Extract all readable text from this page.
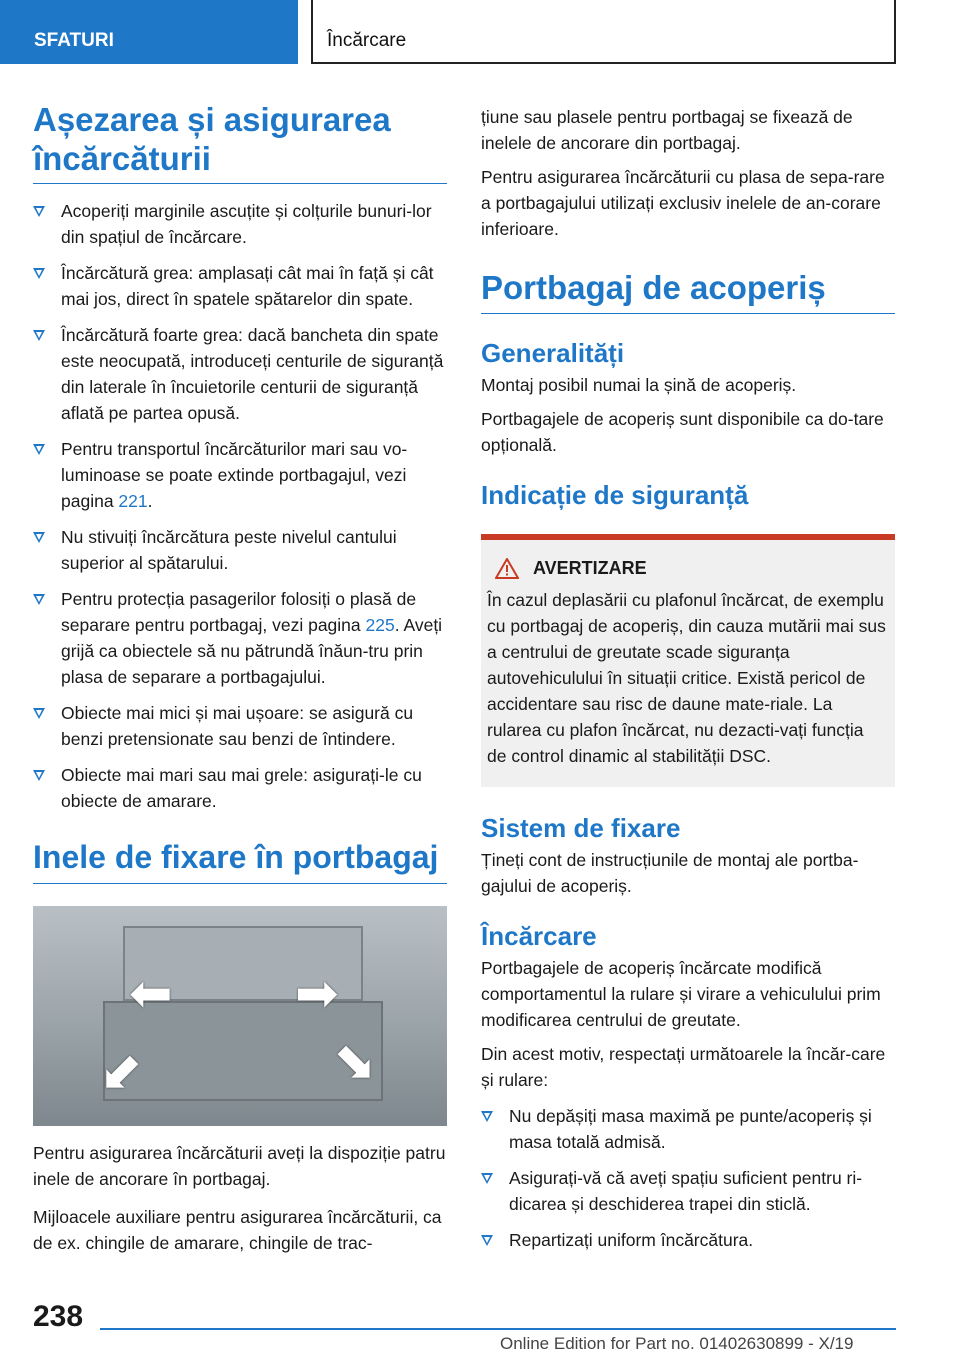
SFATURI	Încărcare
Așezarea și asigurarea încărcăturii
Acoperiți marginile ascuțite și colțurile bunuri-lor din spațiul de încărcare.
Încărcătură grea: amplasați cât mai în față și cât mai jos, direct în spatele spătarelor din spate.
Încărcătură foarte grea: dacă bancheta din spate este neocupată, introduceți centurile de siguranță din laterale în încuietorile centurii de siguranță aflată pe partea opusă.
Pentru transportul încărcăturilor mari sau vo-luminoase se poate extinde portbagajul, vezi pagina 221.
Nu stivuiți încărcătura peste nivelul cantului superior al spătarului.
Pentru protecția pasagerilor folosiți o plasă de separare pentru portbagaj, vezi pagina 225. Aveți grijă ca obiectele să nu pătrundă înăun-tru prin plasa de separare a portbagajului.
Obiecte mai mici și mai ușoare: se asigură cu benzi pretensionate sau benzi de întindere.
Obiecte mai mari sau mai grele: asigurați-le cu obiecte de amarare.
Inele de fixare în portbagaj
⬅ ➡
⬋	⬊

Pentru asigurarea încărcăturii aveți la dispoziție patru inele de ancorare în portbagaj.

Mijloacele auxiliare pentru asigurarea încărcăturii, ca de ex. chingile de amarare, chingile de trac-

țiune sau plasele pentru portbagaj se fixează de inelele de ancorare din portbagaj.

Pentru asigurarea încărcăturii cu plasa de sepa-rare a portbagajului utilizați exclusiv inelele de an-corare inferioare.

Portbagaj de acoperiș
Generalități

Montaj posibil numai la șină de acoperiș.

Portbagajele de acoperiș sunt disponibile ca do-tare opțională.

Indicație de siguranță
AVERTIZARE

În cazul deplasării cu plafonul încărcat, de exemplu cu portbagaj de acoperiș, din cauza mutării mai sus a centrului de greutate scade siguranța autovehiculului în situații critice. Există pericol de accidentare sau risc de daune mate-riale. La rularea cu plafon încărcat, nu dezacti-vați funcția de control dinamic al stabilității DSC.

Sistem de fixare

Țineți cont de instrucțiunile de montaj ale portba-gajului de acoperiș.

Încărcare

Portbagajele de acoperiș încărcate modifică comportamentul la rulare și virare a vehiculului prim modificarea centrului de greutate.

Din acest motiv, respectați următoarele la încăr-care și rulare:

Nu depășiți masa maximă pe punte/acoperiș și masa totală admisă.
Asigurați-vă că aveți spațiu suficient pentru ri-dicarea și deschiderea trapei din sticlă.
Repartizați uniform încărcătura.
238
Online Edition for Part no. 01402630899 - X/19
